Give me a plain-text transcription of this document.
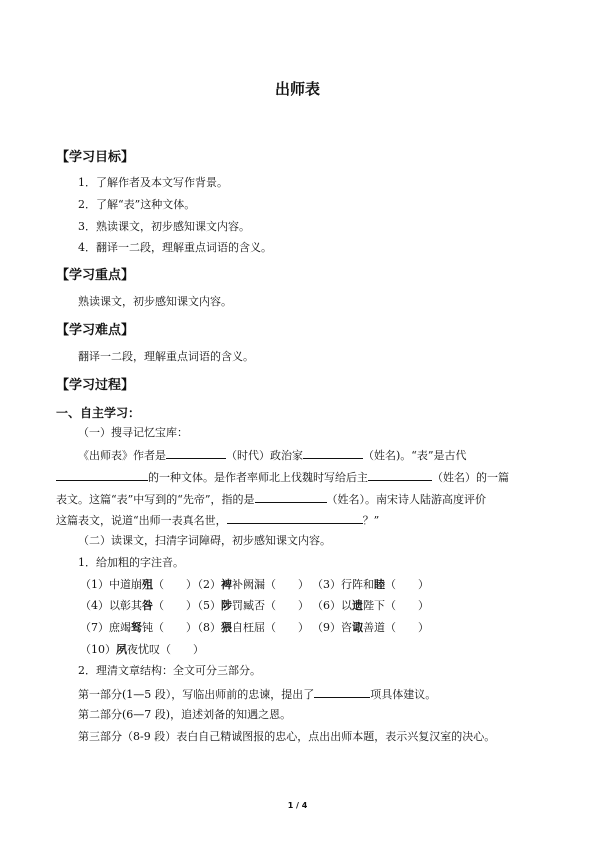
出师表
【学习目标】
1．了解作者及本文写作背景。
2．了解“表”这种文体。
3．熟读课文，初步感知课文内容。
4．翻译一二段，理解重点词语的含义。
【学习重点】
熟读课文，初步感知课文内容。
【学习难点】
翻译一二段，理解重点词语的含义。
【学习过程】
一、自主学习：
（一）搜寻记忆宝库：
《出师表》作者是	（时代）政治家	（姓名)。“表”是古代
的一种文体。是作者率师北上伐魏时写给后主	（姓名）的一篇
表文。这篇“表”中写到的“先帝”，指的是	（姓名）。南宋诗人陆游高度评价
这篇表文，说道“出师一表真名世，	？”
（二）读课文，扫清字词障碍，初步感知课文内容。
1．给加粗的字注音。
（1）中道崩殂（　　）
（2）裨补阙漏（　　） （3）行阵和睦（　　）
（4）以彰其咎（　　）
（5）陟罚臧否（　　） （6）以遗陛下（　　）
（7）庶竭驽钝（　　）
（8）猥自枉屈（　　） （9）咨诹善道（　　）
（10）夙夜忧叹（　　）
2．理清文章结构：全文可分三部分。
第一部分(1—5 段），写临出师前的忠谏，提出了	项具体建议。
第二部分(6—7 段)，追述刘备的知遇之恩。
第三部分（8-9 段）表白自己精诚图报的忠心，点出出师本题，表示兴复汉室的决心。
1 / 4
